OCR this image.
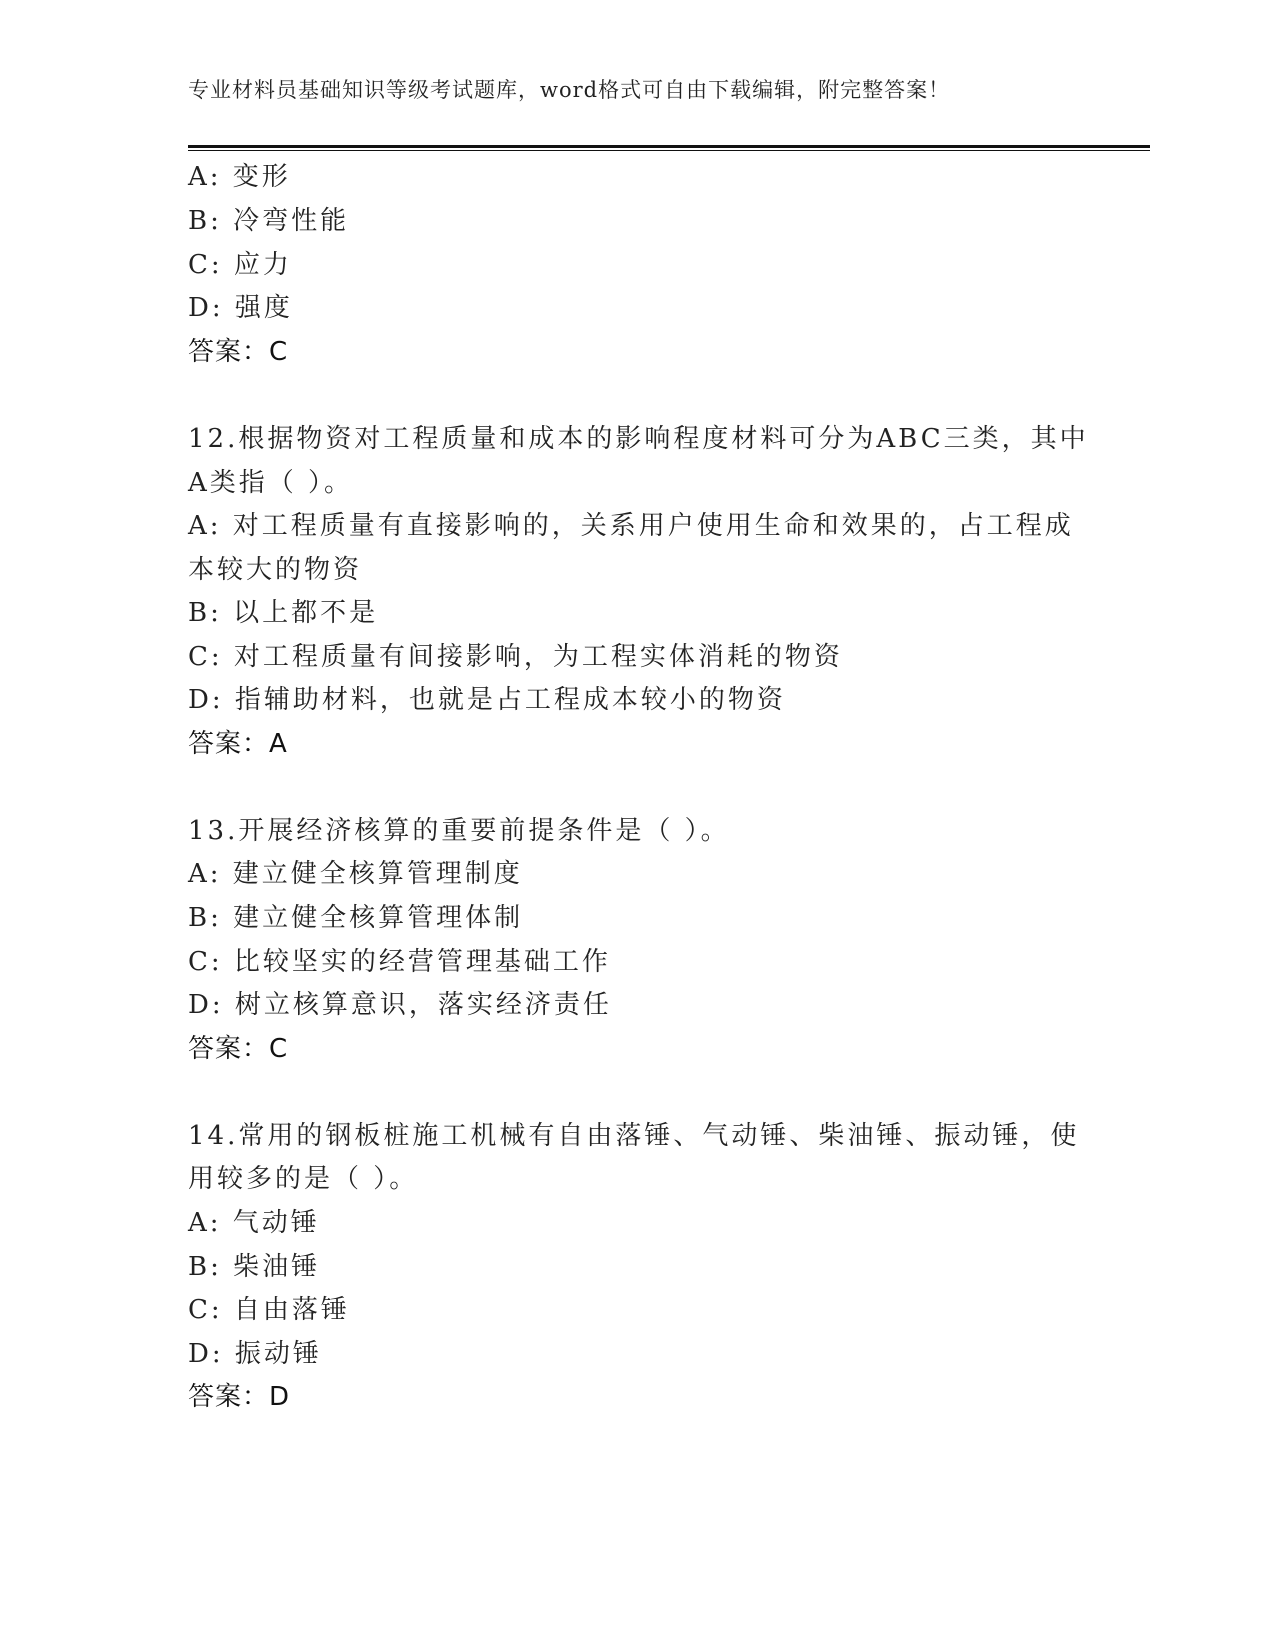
专业材料员基础知识等级考试题库，word格式可自由下载编辑，附完整答案！
A: 变形
B: 冷弯性能
C: 应力
D: 强度
答案：C
12.根据物资对工程质量和成本的影响程度材料可分为ABC三类，其中
A类指（ ）。
A: 对工程质量有直接影响的，关系用户使用生命和效果的，占工程成
本较大的物资
B: 以上都不是
C: 对工程质量有间接影响，为工程实体消耗的物资
D: 指辅助材料，也就是占工程成本较小的物资
答案：A
13.开展经济核算的重要前提条件是（ ）。
A: 建立健全核算管理制度
B: 建立健全核算管理体制
C: 比较坚实的经营管理基础工作
D: 树立核算意识，落实经济责任
答案：C
14.常用的钢板桩施工机械有自由落锤、气动锤、柴油锤、振动锤，使
用较多的是（ ）。
A: 气动锤
B: 柴油锤
C: 自由落锤
D: 振动锤
答案：D
